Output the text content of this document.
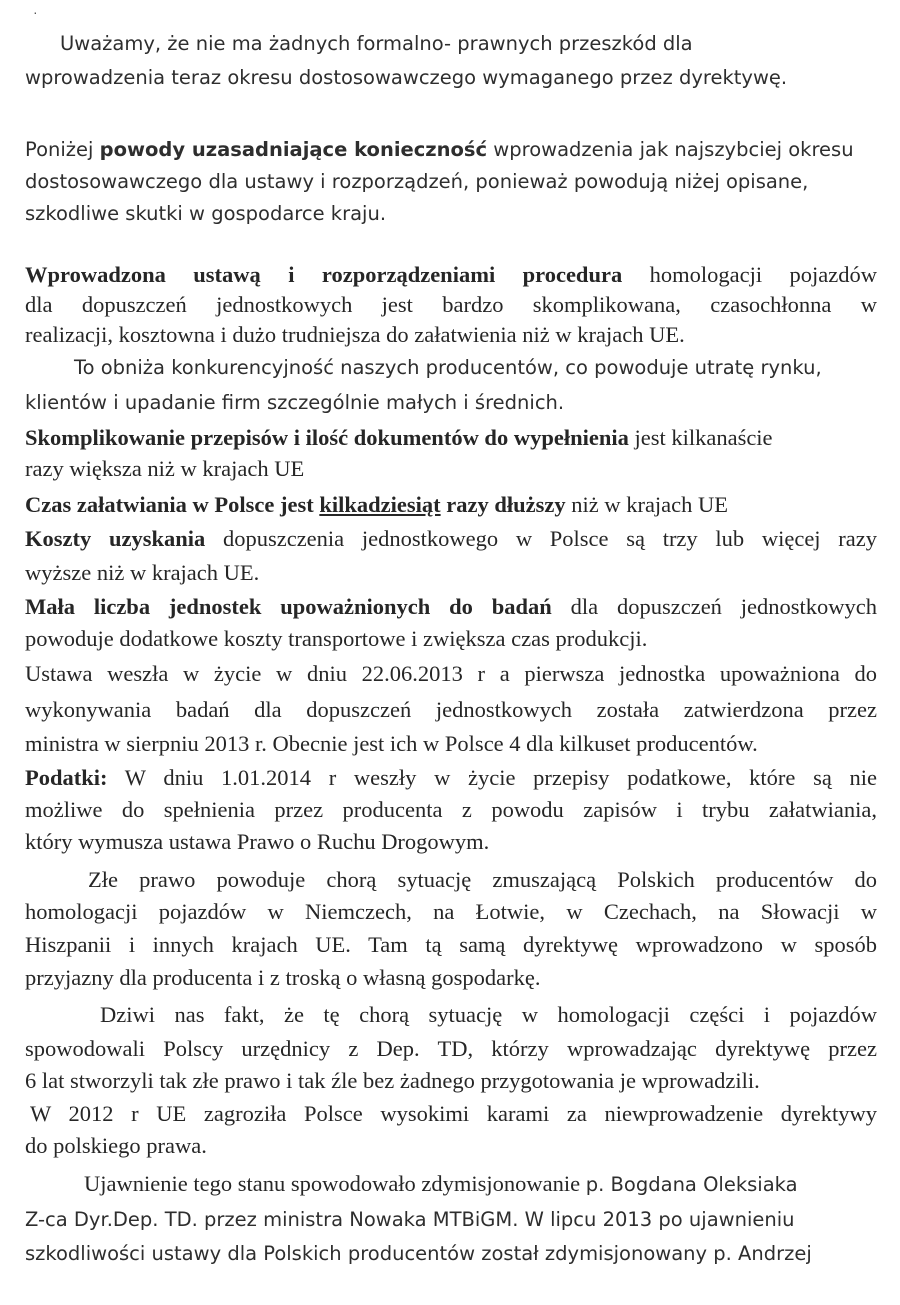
·
Uważamy, że nie ma żadnych formalno- prawnych przeszkód dla
wprowadzenia teraz okresu dostosowawczego wymaganego przez dyrektywę.
Poniżej powody uzasadniające konieczność wprowadzenia jak najszybciej okresu
dostosowawczego dla ustawy i rozporządzeń, ponieważ powodują niżej opisane,
szkodliwe skutki w gospodarce kraju.
Wprowadzona ustawą i rozporządzeniami procedura homologacji pojazdów
dla dopuszczeń jednostkowych jest bardzo skomplikowana, czasochłonna w
realizacji, kosztowna i dużo trudniejsza do załatwienia niż w krajach UE.
To obniża konkurencyjność naszych producentów, co powoduje utratę rynku,
klientów i upadanie firm szczególnie małych i średnich.
Skomplikowanie przepisów i ilość dokumentów do wypełnienia jest kilkanaście
razy większa niż w krajach UE
Czas załatwiania w Polsce jest kilkadziesiąt razy dłuższy niż w krajach UE
Koszty uzyskania dopuszczenia jednostkowego w Polsce są trzy lub więcej razy
wyższe niż w krajach UE.
Mała liczba jednostek upoważnionych do badań dla dopuszczeń jednostkowych
powoduje dodatkowe koszty transportowe i zwiększa czas produkcji.
Ustawa weszła w życie w dniu 22.06.2013 r a pierwsza jednostka upoważniona do
wykonywania badań dla dopuszczeń jednostkowych została zatwierdzona przez
ministra w sierpniu 2013 r. Obecnie jest ich w Polsce 4 dla kilkuset producentów.
Podatki: W dniu 1.01.2014 r weszły w życie przepisy podatkowe, które są nie
możliwe do spełnienia przez producenta z powodu zapisów i trybu załatwiania,
który wymusza ustawa Prawo o Ruchu Drogowym.
Złe prawo powoduje chorą sytuację zmuszającą Polskich producentów do
homologacji pojazdów w Niemczech, na Łotwie, w Czechach, na Słowacji w
Hiszpanii i innych krajach UE. Tam tą samą dyrektywę wprowadzono w sposób
przyjazny dla producenta i z troską o własną gospodarkę.
Dziwi nas fakt, że tę chorą sytuację w homologacji części i pojazdów
spowodowali Polscy urzędnicy z Dep. TD, którzy wprowadzając dyrektywę przez
6 lat stworzyli tak złe prawo i tak źle bez żadnego przygotowania je wprowadzili.
W 2012 r UE zagroziła Polsce wysokimi karami za niewprowadzenie dyrektywy
do polskiego prawa.
Ujawnienie tego stanu spowodowało zdymisjonowanie p. Bogdana Oleksiaka
Z-ca Dyr.Dep. TD. przez ministra Nowaka MTBiGM. W lipcu 2013 po ujawnieniu
szkodliwości ustawy dla Polskich producentów został zdymisjonowany p. Andrzej
